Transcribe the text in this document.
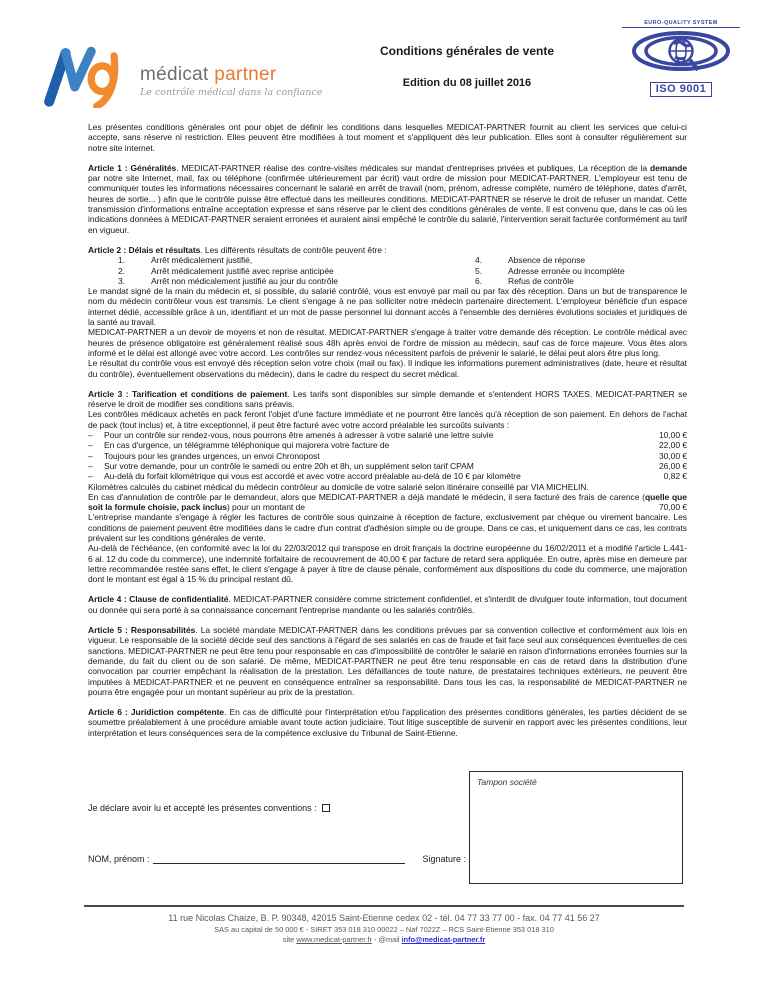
médicat partner
Le contrôle médical dans la confiance
Conditions générales de vente
Edition du 08 juillet 2016
EURO-QUALITY SYSTEM
ISO 9001
Les présentes conditions générales ont pour objet de définir les conditions dans lesquelles MEDICAT-PARTNER fournit au client les services que celui-ci accepte, sans réserve ni restriction. Elles peuvent être modifiées à tout moment et s'appliquent dès leur publication. Elles sont à consulter régulièrement sur notre site internet.
Article 1 : Généralités. MEDICAT-PARTNER réalise des contre-visites médicales sur mandat d'entreprises privées et publiques. La réception de la demande par notre site Internet, mail, fax ou téléphone (confirmée ultérieurement par écrit) vaut ordre de mission pour MEDICAT-PARTNER. L'employeur est tenu de communiquer toutes les informations nécessaires concernant le salarié en arrêt de travail (nom, prénom, adresse complète, numéro de téléphone, dates d'arrêt, heures de sortie... ) afin que le contrôle puisse être effectué dans les meilleures conditions. MEDICAT-PARTNER se réserve le droit de refuser un mandat. Cette transmission d'informations entraîne acceptation expresse et sans réserve par le client des conditions générales de vente. Il est convenu que, dans le cas où les indications données à MEDICAT-PARTNER seraient erronées et auraient ainsi empêché le contrôle du salarié, l'intervention serait facturée conformément au tarif en vigueur.
Article 2 : Délais et résultats. Les différents résultats de contrôle peuvent être :
1.	Arrêt médicalement justifié,
2.	Arrêt médicalement justifié avec reprise anticipée
3.	Arrêt non médicalement justifié au jour du contrôle
4.	Absence de réponse
5.	Adresse erronée ou incomplète
6.	Refus de contrôle
Le mandat signé de la main du médecin et, si possible, du salarié contrôlé, vous est envoyé par mail ou par fax dès réception. Dans un but de transparence le nom du médecin contrôleur vous est transmis. Le client s'engage à ne pas solliciter notre médecin partenaire directement. L'employeur bénéficie d'un espace internet dédié, accessible grâce à un, identifiant et un mot de passe personnel lui donnant accès à l'ensemble des dernières évolutions sociales et juridiques de la santé au travail.
MEDICAT-PARTNER a un devoir de moyens et non de résultat. MEDICAT-PARTNER s'engage à traiter votre demande dès réception. Le contrôle médical avec heures de présence obligatoire est généralement réalisé sous 48h après envoi de l'ordre de mission au médecin, sauf cas de force majeure. Vous êtes alors informé et le délai est allongé avec votre accord. Les contrôles sur rendez-vous nécessitent parfois de prévenir le salarié, le délai peut alors être plus long.
Le résultat du contrôle vous est envoyé dès réception selon votre choix (mail ou fax). Il indique les informations purement administratives (date, heure et résultat du contrôle), éventuellement observations du médecin), dans le cadre du respect du secret médical.
Article 3 : Tarification et conditions de paiement. Les tarifs sont disponibles sur simple demande et s'entendent HORS TAXES. MEDICAT-PARTNER se réserve le droit de modifier ses conditions sans préavis.
Les contrôles médicaux achetés en pack feront l'objet d'une facture immédiate et ne pourront être lancés qu'à réception de son paiement. En dehors de l'achat de pack (tout inclus) et, à titre exceptionnel, il peut être facturé avec votre accord préalable les surcoûts suivants :
–	Pour un contrôle sur rendez-vous, nous pourrons être amenés à adresser à votre salarié une lettre suivie	10,00 €
–	En cas d'urgence, un télégramme téléphonique qui majorera votre facture de	22,00 €
–	Toujours pour les grandes urgences, un envoi Chronopost	30,00 €
–	Sur votre demande, pour un contrôle le samedi ou entre 20h et 8h, un supplément selon tarif CPAM	26,00 €
–	Au-delà du forfait kilométrique qui vous est accordé et avec votre accord préalable au-delà de 10 € par kilomètre	0,82 €
Kilomètres calculés du cabinet médical du médecin contrôleur au domicile de votre salarié selon itinéraire conseillé par VIA MICHELIN.
En cas d'annulation de contrôle par le demandeur, alors que MEDICAT-PARTNER a déjà mandaté le médecin, il sera facturé des frais de carence (quelle que soit la formule choisie, pack inclus) pour un montant de	70,00 €
L'entreprise mandante s'engage à régler les factures de contrôle sous quinzaine à réception de facture, exclusivement par chèque ou virement bancaire. Les conditions de paiement peuvent être modifiées dans le cadre d'un contrat d'adhésion simple ou de groupe. Dans ce cas, et uniquement dans ce cas, les contrats prévalent sur les conditions générales de vente.
Au-delà de l'échéance, (en conformité avec la loi du 22/03/2012 qui transpose en droit français la doctrine européenne du 16/02/2011 et a modifié l'article L.441-6 al. 12 du code du commerce), une indemnité forfaitaire de recouvrement de 40,00 € par facture de retard sera appliquée. En outre, après mise en demeure par lettre recommandée restée sans effet, le client s'engage à payer à titre de clause pénale, conformément aux dispositions du code du commerce, une majoration dont le montant est égal à 15 % du principal restant dû.
Article 4 : Clause de confidentialité. MEDICAT-PARTNER considère comme strictement confidentiel, et s'interdit de divulguer toute information, tout document ou donnée qui sera porté à sa connaissance concernant l'entreprise mandante ou les salariés contrôlés.
Article 5 : Responsabilités. La société mandate MEDICAT-PARTNER dans les conditions prévues par sa convention collective et conformément aux lois en vigueur. Le responsable de la société décide seul des sanctions à l'égard de ses salariés en cas de fraude et fait face seul aux conséquences éventuelles de ces sanctions. MEDICAT-PARTNER ne peut être tenu pour responsable en cas d'impossibilité de contrôler le salarié en raison d'informations erronées fournies sur la demande, du fait du client ou de son salarié. De même, MEDICAT-PARTNER ne peut être tenu responsable en cas de retard dans la distribution d'une convocation par courrier empêchant la réalisation de la prestation. Les défaillances de toute nature, de prestataires techniques extérieurs, ne peuvent être imputées à MEDICAT-PARTNER et ne peuvent en conséquence entraîner sa responsabilité. Dans tous les cas, la responsabilité de MEDICAT-PARTNER ne pourra être engagée pour un montant supérieur au prix de la prestation.
Article 6 : Juridiction compétente. En cas de difficulté pour l'interprétation et/ou l'application des présentes conditions générales, les parties décident de se soumettre préalablement à une procédure amiable avant toute action judiciaire. Tout litige susceptible de survenir en rapport avec les présentes conditions, leur interprétation et leurs conséquences sera de la compétence exclusive du Tribunal de Saint-Etienne.
Je déclare avoir lu et accepté les présentes conventions :
NOM, prénom :	Signature :
Tampon société
11 rue Nicolas Chaize, B. P. 90348, 42015 Saint-Etienne cedex 02 - tél. 04 77 33 77 00 - fax. 04 77 41 56 27
SAS au capital de 50 000 € - SIRET 353 018 310 00022 – Naf 7022Z – RCS Saint-Etienne 353 018 310
site www.medicat-partner.fr - @mail info@medicat-partner.fr
